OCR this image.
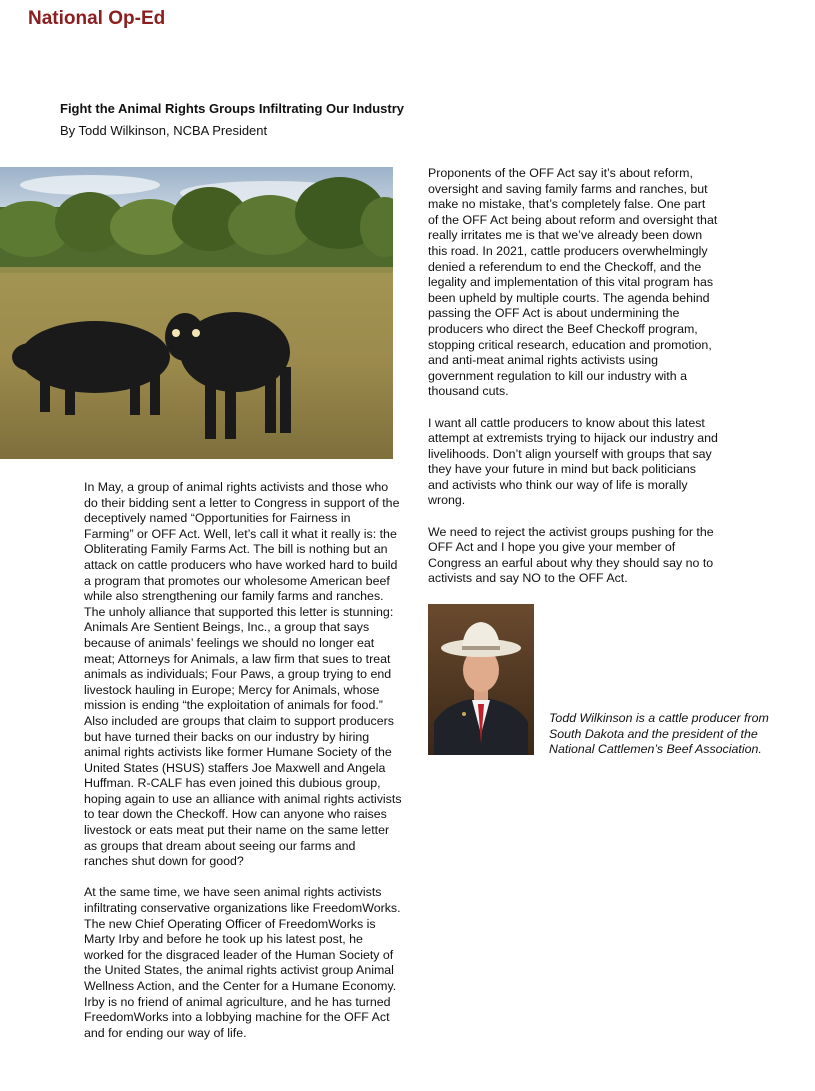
National Op-Ed
Fight the Animal Rights Groups Infiltrating Our Industry
By Todd Wilkinson, NCBA President

In May, a group of animal rights activists and those who
do their bidding sent a letter to Congress in support of the
deceptively named “Opportunities for Fairness in
Farming” or OFF Act. Well, let’s call it what it really is: the
Obliterating Family Farms Act. The bill is nothing but an
attack on cattle producers who have worked hard to build
a program that promotes our wholesome American beef
while also strengthening our family farms and ranches.
The unholy alliance that supported this letter is stunning:
Animals Are Sentient Beings, Inc., a group that says
because of animals’ feelings we should no longer eat
meat; Attorneys for Animals, a law firm that sues to treat
animals as individuals; Four Paws, a group trying to end
livestock hauling in Europe; Mercy for Animals, whose
mission is ending “the exploitation of animals for food.”
Also included are groups that claim to support producers
but have turned their backs on our industry by hiring
animal rights activists like former Humane Society of the
United States (HSUS) staffers Joe Maxwell and Angela
Huffman. R-CALF has even joined this dubious group,
hoping again to use an alliance with animal rights activists
to tear down the Checkoff. How can anyone who raises
livestock or eats meat put their name on the same letter
as groups that dream about seeing our farms and
ranches shut down for good?

At the same time, we have seen animal rights activists
infiltrating conservative organizations like FreedomWorks.
The new Chief Operating Officer of FreedomWorks is
Marty Irby and before he took up his latest post, he
worked for the disgraced leader of the Human Society of
the United States, the animal rights activist group Animal
Wellness Action, and the Center for a Humane Economy.
Irby is no friend of animal agriculture, and he has turned
FreedomWorks into a lobbying machine for the OFF Act
and for ending our way of life.

Proponents of the OFF Act say it’s about reform,
oversight and saving family farms and ranches, but
make no mistake, that’s completely false. One part
of the OFF Act being about reform and oversight that
really irritates me is that we’ve already been down
this road. In 2021, cattle producers overwhelmingly
denied a referendum to end the Checkoff, and the
legality and implementation of this vital program has
been upheld by multiple courts. The agenda behind
passing the OFF Act is about undermining the
producers who direct the Beef Checkoff program,
stopping critical research, education and promotion,
and anti-meat animal rights activists using
government regulation to kill our industry with a
thousand cuts.

I want all cattle producers to know about this latest
attempt at extremists trying to hijack our industry and
livelihoods. Don’t align yourself with groups that say
they have your future in mind but back politicians
and activists who think our way of life is morally
wrong.

We need to reject the activist groups pushing for the
OFF Act and I hope you give your member of
Congress an earful about why they should say no to
activists and say NO to the OFF Act.

Todd Wilkinson is a cattle producer from
South Dakota and the president of the
National Cattlemen’s Beef Association.
